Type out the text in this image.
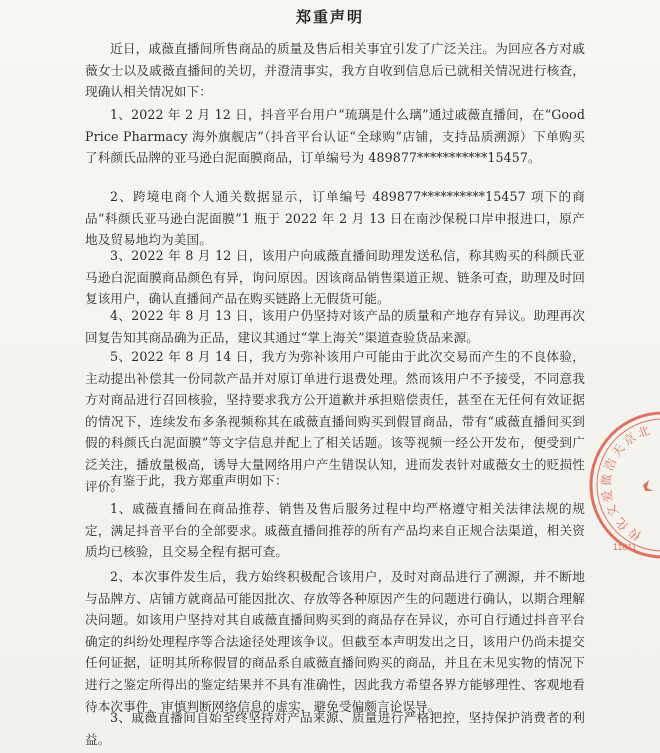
郑重声明
近日，戚薇直播间所售商品的质量及售后相关事宜引发了广泛关注。为回应各方对戚薇女士以及戚薇直播间的关切，并澄清事实，我方自收到信息后已就相关情况进行核查，现确认相关情况如下：
1、2022 年 2 月 12 日，抖音平台用户“琉璃是什么璃”通过戚薇直播间，在“Good Price Pharmacy 海外旗舰店”（抖音平台认证“全球购”店铺，支持品质溯源）下单购买了科颜氏品牌的亚马逊白泥面膜商品，订单编号为 489877***********15457。
2、跨境电商个人通关数据显示，订单编号 489877**********15457 项下的商品“科颜氏亚马逊白泥面膜”1 瓶于 2022 年 2 月 13 日在南沙保税口岸申报进口，原产地及贸易地均为美国。
3、2022 年 8 月 12 日，该用户向戚薇直播间助理发送私信，称其购买的科颜氏亚马逊白泥面膜商品颜色有异，询问原因。因该商品销售渠道正规、链条可查，助理及时回复该用户，确认直播间产品在购买链路上无假货可能。
4、2022 年 8 月 13 日，该用户仍坚持对该产品的质量和产地存有异议。助理再次回复告知其商品确为正品，建议其通过“掌上海关”渠道查验货品来源。
5、2022 年 8 月 14 日，我方为弥补该用户可能由于此次交易而产生的不良体验，主动提出补偿其一份同款产品并对原订单进行退费处理。然而该用户不予接受，不同意我方对商品进行召回核验，坚持要求我方公开道歉并承担赔偿责任，甚至在无任何有效证据的情况下，连续发布多条视频称其在戚薇直播间购买到假冒商品，带有“戚薇直播间买到假的科颜氏白泥面膜”等文字信息并配上了相关话题。该等视频一经公开发布，便受到广泛关注，播放量极高，诱导大量网络用户产生错误认知，进而发表针对戚薇女士的贬损性评价。
有鉴于此，我方郑重声明如下：
1、戚薇直播间在商品推荐、销售及售后服务过程中均严格遵守相关法律法规的规定，满足抖音平台的全部要求。戚薇直播间推荐的所有产品均来自正规合法渠道，相关资质均已核验，且交易全程有据可查。
2、本次事件发生后，我方始终积极配合该用户，及时对商品进行了溯源，并不断地与品牌方、店铺方就商品可能因批次、存放等各种原因产生的问题进行确认，以期合理解决问题。如该用户坚持对其自戚薇直播间购买到的商品存在异议，亦可自行通过抖音平台确定的纠纷处理程序等合法途径处理该争议。但截至本声明发出之日，该用户仍尚未提交任何证据，证明其所称假冒的商品系自戚薇直播间购买的商品，并且在未见实物的情况下进行之鉴定所得出的鉴定结果并不具有准确性，因此我方希望各界方能够理性、客观地看待本次事件，审慎判断网络信息的虚实，避免受偏颇言论误导。
3、戚薇直播间自始至终坚持对产品来源、质量进行严格把控，坚持保护消费者的利益。
北
京
天
浩
微
爱
文
化
传
11011
